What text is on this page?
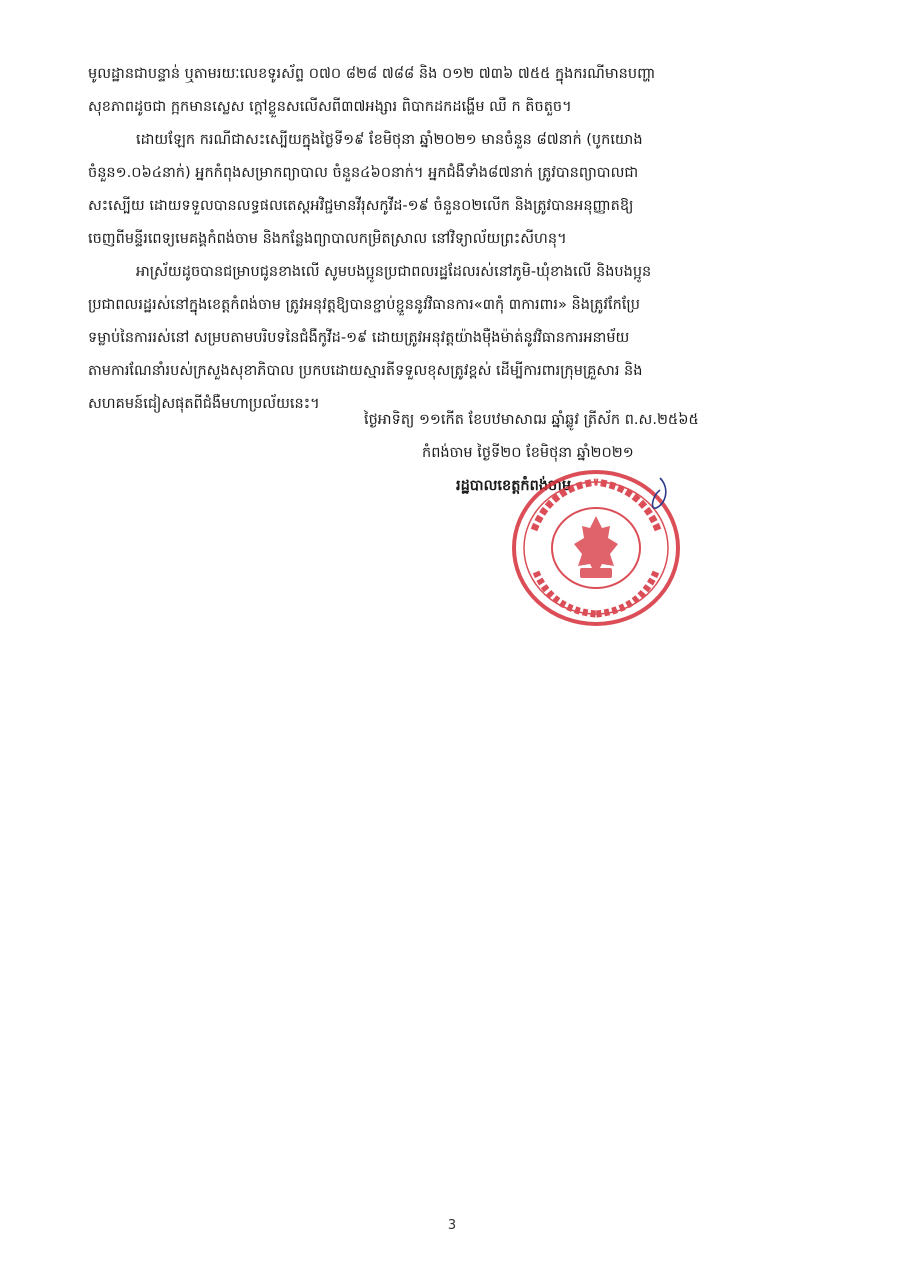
មូលដ្ឋានជាបន្ទាន់ ឬតាមរយៈលេខទូរស័ព្ទ ០៧០ ៨២៨ ៧៨៨ និង ០១២ ៧៣៦ ៧៥៥ ក្នុងករណីមានបញ្ហា
សុខភាពដូចជា ក្អកមានស្លេស ក្តៅខ្លួនសលើសពី៣៧អង្សារ ពិបាកដកដង្ហើម ឈឺ ក តិចតួច។
ដោយឡែក ករណីជាសះស្បើយក្នុងថ្ងៃទី១៩ ខែមិថុនា ឆ្នាំ២០២១ មានចំនួន ៨៧នាក់ (បូកយោង
ចំនួន១.០៦៤នាក់) អ្នកកំពុងសម្រាកព្យាបាល ចំនួន៤៦០នាក់។ អ្នកជំងឺទាំង៨៧នាក់ ត្រូវបានព្យាបាលជា
សះស្បើយ ដោយទទួលបានលទ្ធផលតេស្តអវិជ្ជមានវីរុសកូវីដ-១៩ ចំនួន០២លើក និងត្រូវបានអនុញ្ញាតឱ្យ
ចេញពីមន្ទីរពេទ្យមេគង្គកំពង់ចាម និងកន្លែងព្យាបាលកម្រិតស្រាល នៅវិទ្យាល័យព្រះសីហនុ។
អាស្រ័យដូចបានជម្រាបជូនខាងលើ សូមបងប្អូនប្រជាពលរដ្ឋដែលរស់នៅភូមិ-ឃុំខាងលើ និងបងប្អូន
ប្រជាពលរដ្ឋរស់នៅក្នុងខេត្តកំពង់ចាម ត្រូវអនុវត្តឱ្យបានខ្ជាប់ខ្ជួននូវវិធានការ«៣កុំ ៣ការពារ» និងត្រូវកែប្រែ
ទម្លាប់នៃការរស់នៅ សម្របតាមបរិបទនៃជំងឺកូវីដ-១៩ ដោយត្រូវអនុវត្តយ៉ាងម៉ឺងម៉ាត់នូវវិធានការអនាម័យ
តាមការណែនាំរបស់ក្រសួងសុខាភិបាល ប្រកបដោយស្មារតីទទួលខុសត្រូវខ្ពស់ ដើម្បីការពារក្រុមគ្រួសារ និង
សហគមន៍ជៀសផុតពីជំងឺមហាប្រល័យនេះ។
ថ្ងៃអាទិត្យ ១១កើត ខែបឋមាសាឍ ឆ្នាំឆ្លូវ ត្រីស័ក ព.ស.២៥៦៥
កំពង់ចាម ថ្ងៃទី២០ ខែមិថុនា ឆ្នាំ២០២១
រដ្ឋបាលខេត្តកំពង់ចាម
3
